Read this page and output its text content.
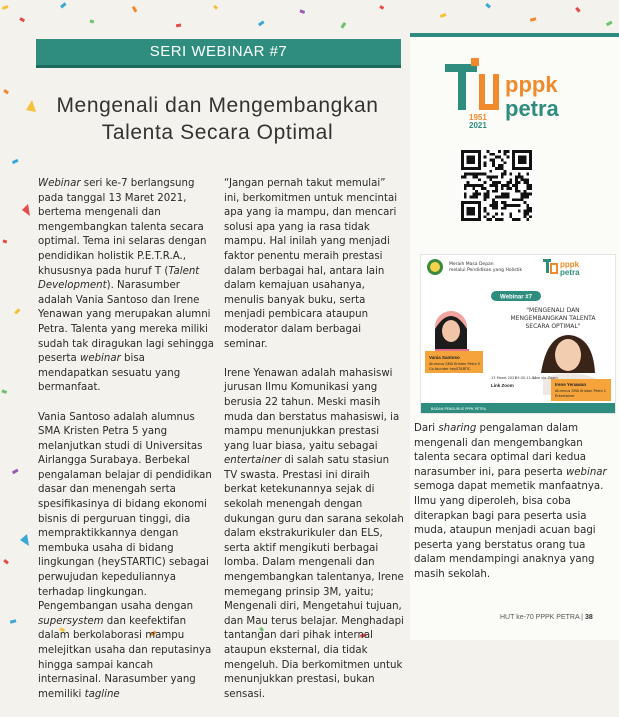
SERI WEBINAR #7
Mengenali dan Mengembangkan
Talenta Secara Optimal

Webinar seri ke-7 berlangsung pada tanggal 13 Maret 2021, bertema mengenali dan mengembangkan talenta secara optimal. Tema ini selaras dengan pendidikan holistik P.E.T.R.A., khususnya pada huruf T (Talent Development). Narasumber adalah Vania Santoso dan Irene Yenawan yang merupakan alumni Petra. Talenta yang mereka miliki sudah tak diragukan lagi sehingga peserta webinar bisa mendapatkan sesuatu yang bermanfaat.

Vania Santoso adalah alumnus SMA Kristen Petra 5 yang melanjutkan studi di Universitas Airlangga Surabaya. Berbekal pengalaman belajar di pendidikan dasar dan menengah serta spesifikasinya di bidang ekonomi bisnis di perguruan tinggi, dia mempraktikkannya dengan membuka usaha di bidang lingkungan (heySTARTIC) sebagai perwujudan kepeduliannya terhadap lingkungan. Pengembangan usaha dengan supersystem dan keefektifan dalam berkolaborasi mampu melejitkan usaha dan reputasinya hingga sampai kancah internasinal. Narasumber yang memiliki tagline

“Jangan pernah takut memulai” ini, berkomitmen untuk mencintai apa yang ia mampu, dan mencari solusi apa yang ia rasa tidak mampu. Hal inilah yang menjadi faktor penentu meraih prestasi dalam berbagai hal, antara lain dalam kemajuan usahanya, menulis banyak buku, serta menjadi pembicara ataupun moderator dalam berbagai seminar.

Irene Yenawan adalah mahasiswi jurusan Ilmu Komunikasi yang berusia 22 tahun. Meski masih muda dan berstatus mahasiswi, ia mampu menunjukkan prestasi yang luar biasa, yaitu sebagai entertainer di salah satu stasiun TV swasta. Prestasi ini diraih berkat ketekunannya sejak di sekolah menengah dengan dukungan guru dan sarana sekolah dalam ekstrakurikuler dan ELS, serta aktif mengikuti berbagai lomba. Dalam mengenali dan mengembangkan talentanya, Irene memegang prinsip 3M, yaitu; Mengenali diri, Mengetahui tujuan, dan Mau terus belajar. Menghadapi tantangan dari pihak internal ataupun eksternal, dia tidak mengeluh. Dia berkomitmen untuk menunjukkan prestasi, bukan sensasi.

Dari sharing pengalaman dalam mengenali dan mengembangkan talenta secara optimal dari kedua narasumber ini, para peserta webinar semoga dapat memetik manfaatnya. Ilmu yang diperoleh, bisa coba diterapkan bagi para peserta usia muda, ataupun menjadi acuan bagi peserta yang berstatus orang tua dalam mendampingi anaknya yang masih sekolah.

1951
2021
pppk
petra
Meraih Masa Depan
melalui Pendidikan yang Holistik
pppk
petra
Webinar #7
"MENGENALI DAN
MENGEMBANGKAN TALENTA
SECARA OPTIMAL"
Vania Santoso
Alumnus SMA Kristen Petra 5
Co-founder heySTARTIC
Irene Yenawan
Alumnus SMA Kristen Petra 1
Entertainer
13 Maret 2021
09.00-11.00
Live via Zoom
Link Zoom
BADAN PENGURUS PPPK PETRA
HUT ke-70 PPPK PETRA | 38
